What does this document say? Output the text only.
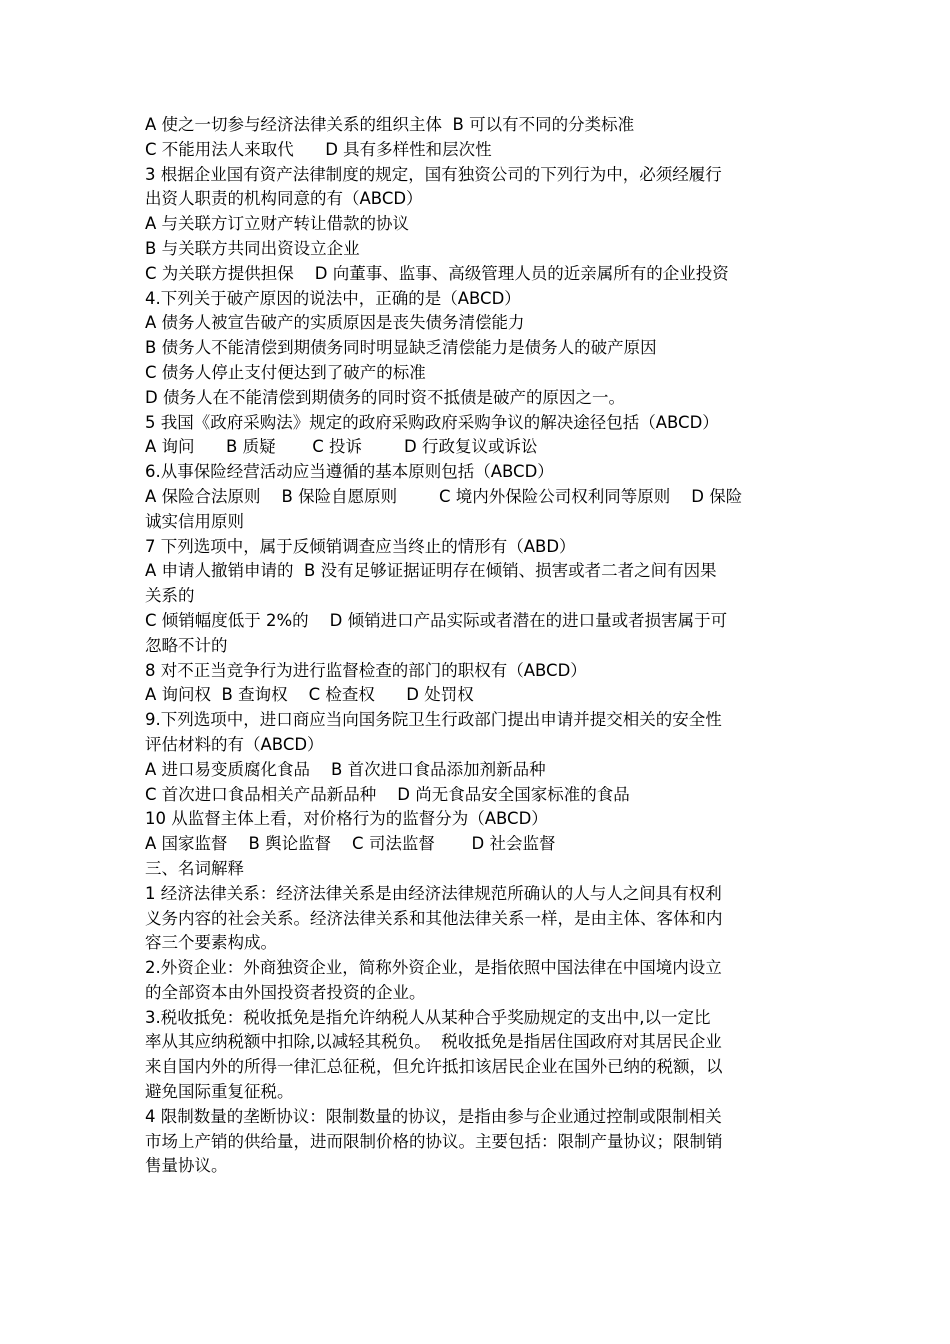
A 使之一切参与经济法律关系的组织主体  B 可以有不同的分类标准
C 不能用法人来取代      D 具有多样性和层次性
3 根据企业国有资产法律制度的规定，国有独资公司的下列行为中，必须经履行
出资人职责的机构同意的有（ABCD）
A 与关联方订立财产转让借款的协议
B 与关联方共同出资设立企业
C 为关联方提供担保    D 向董事、监事、高级管理人员的近亲属所有的企业投资
4.下列关于破产原因的说法中，正确的是（ABCD）
A 债务人被宣告破产的实质原因是丧失债务清偿能力
B 债务人不能清偿到期债务同时明显缺乏清偿能力是债务人的破产原因
C 债务人停止支付便达到了破产的标准
D 债务人在不能清偿到期债务的同时资不抵债是破产的原因之一。
5 我国《政府采购法》规定的政府采购政府采购争议的解决途径包括（ABCD）
A 询问      B 质疑       C 投诉        D 行政复议或诉讼
6.从事保险经营活动应当遵循的基本原则包括（ABCD）
A 保险合法原则    B 保险自愿原则        C 境内外保险公司权利同等原则    D 保险
诚实信用原则
7 下列选项中，属于反倾销调查应当终止的情形有（ABD）
A 申请人撤销申请的  B 没有足够证据证明存在倾销、损害或者二者之间有因果
关系的
C 倾销幅度低于 2%的    D 倾销进口产品实际或者潜在的进口量或者损害属于可
忽略不计的
8 对不正当竞争行为进行监督检查的部门的职权有（ABCD）
A 询问权  B 查询权    C 检查权      D 处罚权
9.下列选项中，进口商应当向国务院卫生行政部门提出申请并提交相关的安全性
评估材料的有（ABCD）
A 进口易变质腐化食品    B 首次进口食品添加剂新品种
C 首次进口食品相关产品新品种    D 尚无食品安全国家标准的食品
10 从监督主体上看，对价格行为的监督分为（ABCD）
A 国家监督    B 舆论监督    C 司法监督       D 社会监督
三、名词解释
1 经济法律关系：经济法律关系是由经济法律规范所确认的人与人之间具有权利
义务内容的社会关系。经济法律关系和其他法律关系一样，是由主体、客体和内
容三个要素构成。
2.外资企业：外商独资企业，简称外资企业，是指依照中国法律在中国境内设立
的全部资本由外国投资者投资的企业。
3.税收抵免：税收抵免是指允许纳税人从某种合乎奖励规定的支出中,以一定比
率从其应纳税额中扣除,以减轻其税负。  税收抵免是指居住国政府对其居民企业
来自国内外的所得一律汇总征税，但允许抵扣该居民企业在国外已纳的税额，以
避免国际重复征税。
4 限制数量的垄断协议：限制数量的协议，是指由参与企业通过控制或限制相关
市场上产销的供给量，进而限制价格的协议。主要包括：限制产量协议；限制销
售量协议。
